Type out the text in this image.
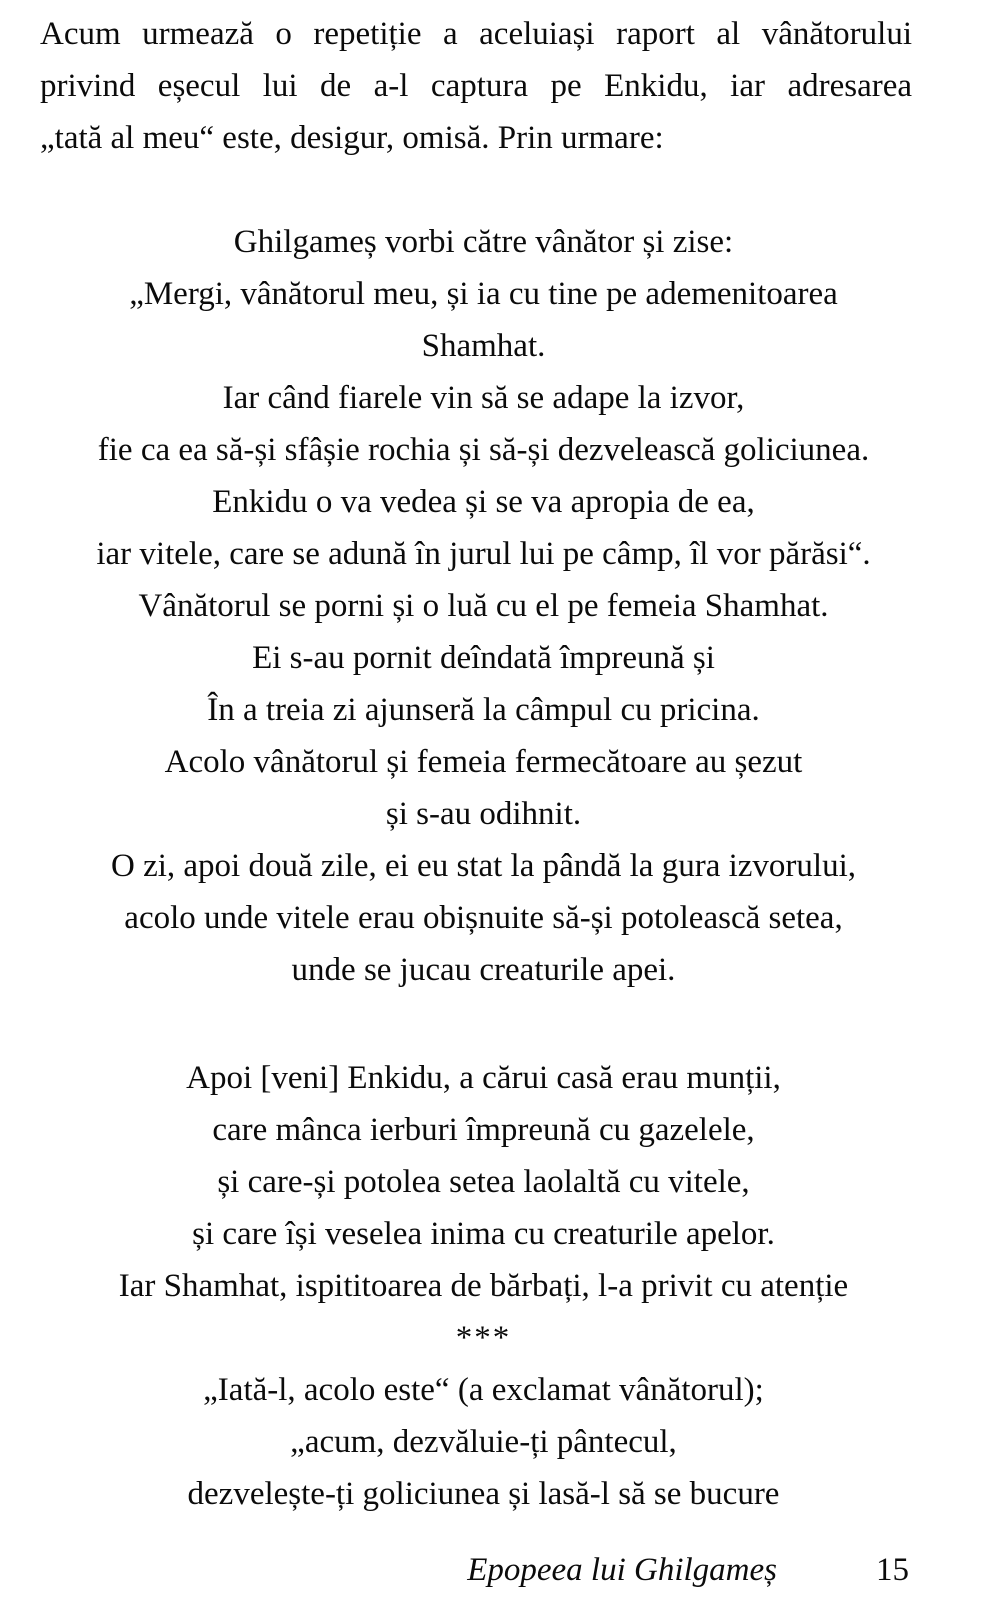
Acum urmează o repetiție a aceluiași raport al vânătorului
privind eșecul lui de a-l captura pe Enkidu, iar adresarea
„tată al meu“ este, desigur, omisă. Prin urmare:
Ghilgameș vorbi către vânător și zise:
„Mergi, vânătorul meu, și ia cu tine pe ademenitoarea
Shamhat.
Iar când fiarele vin să se adape la izvor,
fie ca ea să-și sfâșie rochia și să-și dezvelească goliciunea.
Enkidu o va vedea și se va apropia de ea,
iar vitele, care se adună în jurul lui pe câmp, îl vor părăsi“.
Vânătorul se porni și o luă cu el pe femeia Shamhat.
Ei s-au pornit deîndată împreună și
În a treia zi ajunseră la câmpul cu pricina.
Acolo vânătorul și femeia fermecătoare au șezut
și s-au odihnit.
O zi, apoi două zile, ei eu stat la pândă la gura izvorului,
acolo unde vitele erau obișnuite să-și potolească setea,
unde se jucau creaturile apei.
Apoi [veni] Enkidu, a cărui casă erau munții,
care mânca ierburi împreună cu gazelele,
și care-și potolea setea laolaltă cu vitele,
și care își veselea inima cu creaturile apelor.
Iar Shamhat, ispititoarea de bărbați, l-a privit cu atenție
***
„Iată-l, acolo este“ (a exclamat vânătorul);
„acum, dezvăluie-ți pântecul,
dezvelește-ți goliciunea și lasă-l să se bucure
Epopeea lui Ghilgameș	15
